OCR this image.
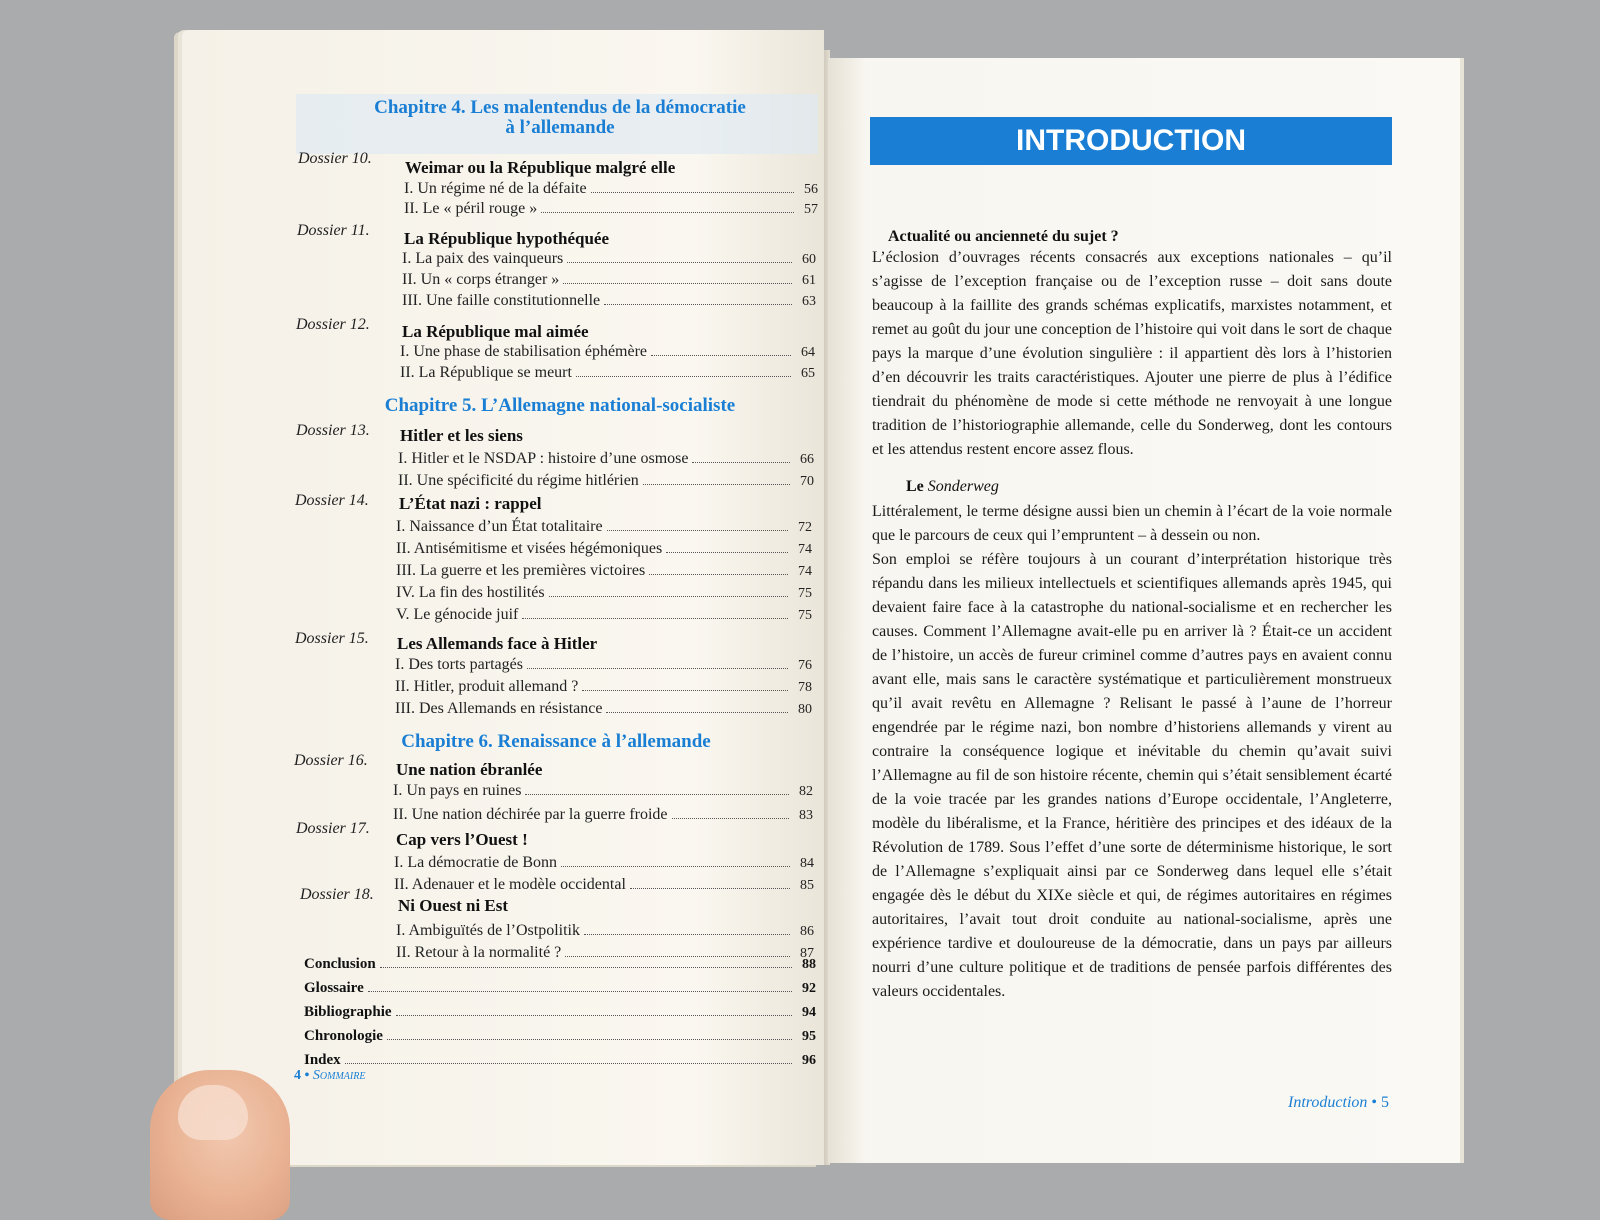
Chapitre 4. Les malentendus de la démocratie
à l’allemande
Dossier 10. Weimar ou la République malgré elle
I. Un régime né de la défaite	56
II. Le « péril rouge »	57
Dossier 11. La République hypothéquée
I. La paix des vainqueurs	60
II. Un « corps étranger »	61
III. Une faille constitutionnelle	63
Dossier 12. La République mal aimée
I. Une phase de stabilisation éphémère	64
II. La République se meurt	65
Chapitre 5. L’Allemagne national-socialiste
Dossier 13. Hitler et les siens
I. Hitler et le NSDAP : histoire d’une osmose	66
II. Une spécificité du régime hitlérien	70
Dossier 14. L’État nazi : rappel
I. Naissance d’un État totalitaire	72
II. Antisémitisme et visées hégémoniques	74
III. La guerre et les premières victoires	74
IV. La fin des hostilités	75
V. Le génocide juif	75
Dossier 15. Les Allemands face à Hitler
I. Des torts partagés	76
II. Hitler, produit allemand ?	78
III. Des Allemands en résistance	80
Chapitre 6. Renaissance à l’allemande
Dossier 16. Une nation ébranlée
I. Un pays en ruines	82
II. Une nation déchirée par la guerre froide	83
Dossier 17.
Cap vers l’Ouest !
I. La démocratie de Bonn	84
II. Adenauer et le modèle occidental	85
Dossier 18.
Ni Ouest ni Est
I. Ambiguïtés de l’Ostpolitik	86
II. Retour à la normalité ?	87
Conclusion	88
Glossaire	92
Bibliographie	94
Chronologie	95
Index	96
4 • Sommaire
INTRODUCTION
Actualité ou ancienneté du sujet ?

L’éclosion d’ouvrages récents consacrés aux exceptions nationales – qu’il s’agisse de l’exception française ou de l’exception russe – doit sans doute beaucoup à la faillite des grands schémas explicatifs, marxistes notamment, et remet au goût du jour une conception de l’histoire qui voit dans le sort de chaque pays la marque d’une évolution singulière : il appartient dès lors à l’historien d’en découvrir les traits caractéristiques. Ajouter une pierre de plus à l’édifice tiendrait du phénomène de mode si cette méthode ne renvoyait à une longue tradition de l’historiographie allemande, celle du Sonderweg, dont les contours et les attendus restent encore assez flous.

Le Sonderweg

Littéralement, le terme désigne aussi bien un chemin à l’écart de la voie normale que le parcours de ceux qui l’empruntent – à dessein ou non.

Son emploi se réfère toujours à un courant d’interprétation historique très répandu dans les milieux intellectuels et scientifiques allemands après 1945, qui devaient faire face à la catastrophe du national-socialisme et en rechercher les causes. Comment l’Allemagne avait-elle pu en arriver là ? Était-ce un accident de l’histoire, un accès de fureur criminel comme d’autres pays en avaient connu avant elle, mais sans le caractère systématique et particulièrement monstrueux qu’il avait revêtu en Allemagne ? Relisant le passé à l’aune de l’horreur engendrée par le régime nazi, bon nombre d’historiens allemands y virent au contraire la conséquence logique et inévitable du chemin qu’avait suivi l’Allemagne au fil de son histoire récente, chemin qui s’était sensiblement écarté de la voie tracée par les grandes nations d’Europe occidentale, l’Angleterre, modèle du libéralisme, et la France, héritière des principes et des idéaux de la Révolution de 1789. Sous l’effet d’une sorte de déterminisme historique, le sort de l’Allemagne s’expliquait ainsi par ce Sonderweg dans lequel elle s’était engagée dès le début du XIXe siècle et qui, de régimes autoritaires en régimes autoritaires, l’avait tout droit conduite au national-socialisme, après une expérience tardive et douloureuse de la démocratie, dans un pays par ailleurs nourri d’une culture politique et de traditions de pensée parfois différentes des valeurs occidentales.

Introduction • 5
